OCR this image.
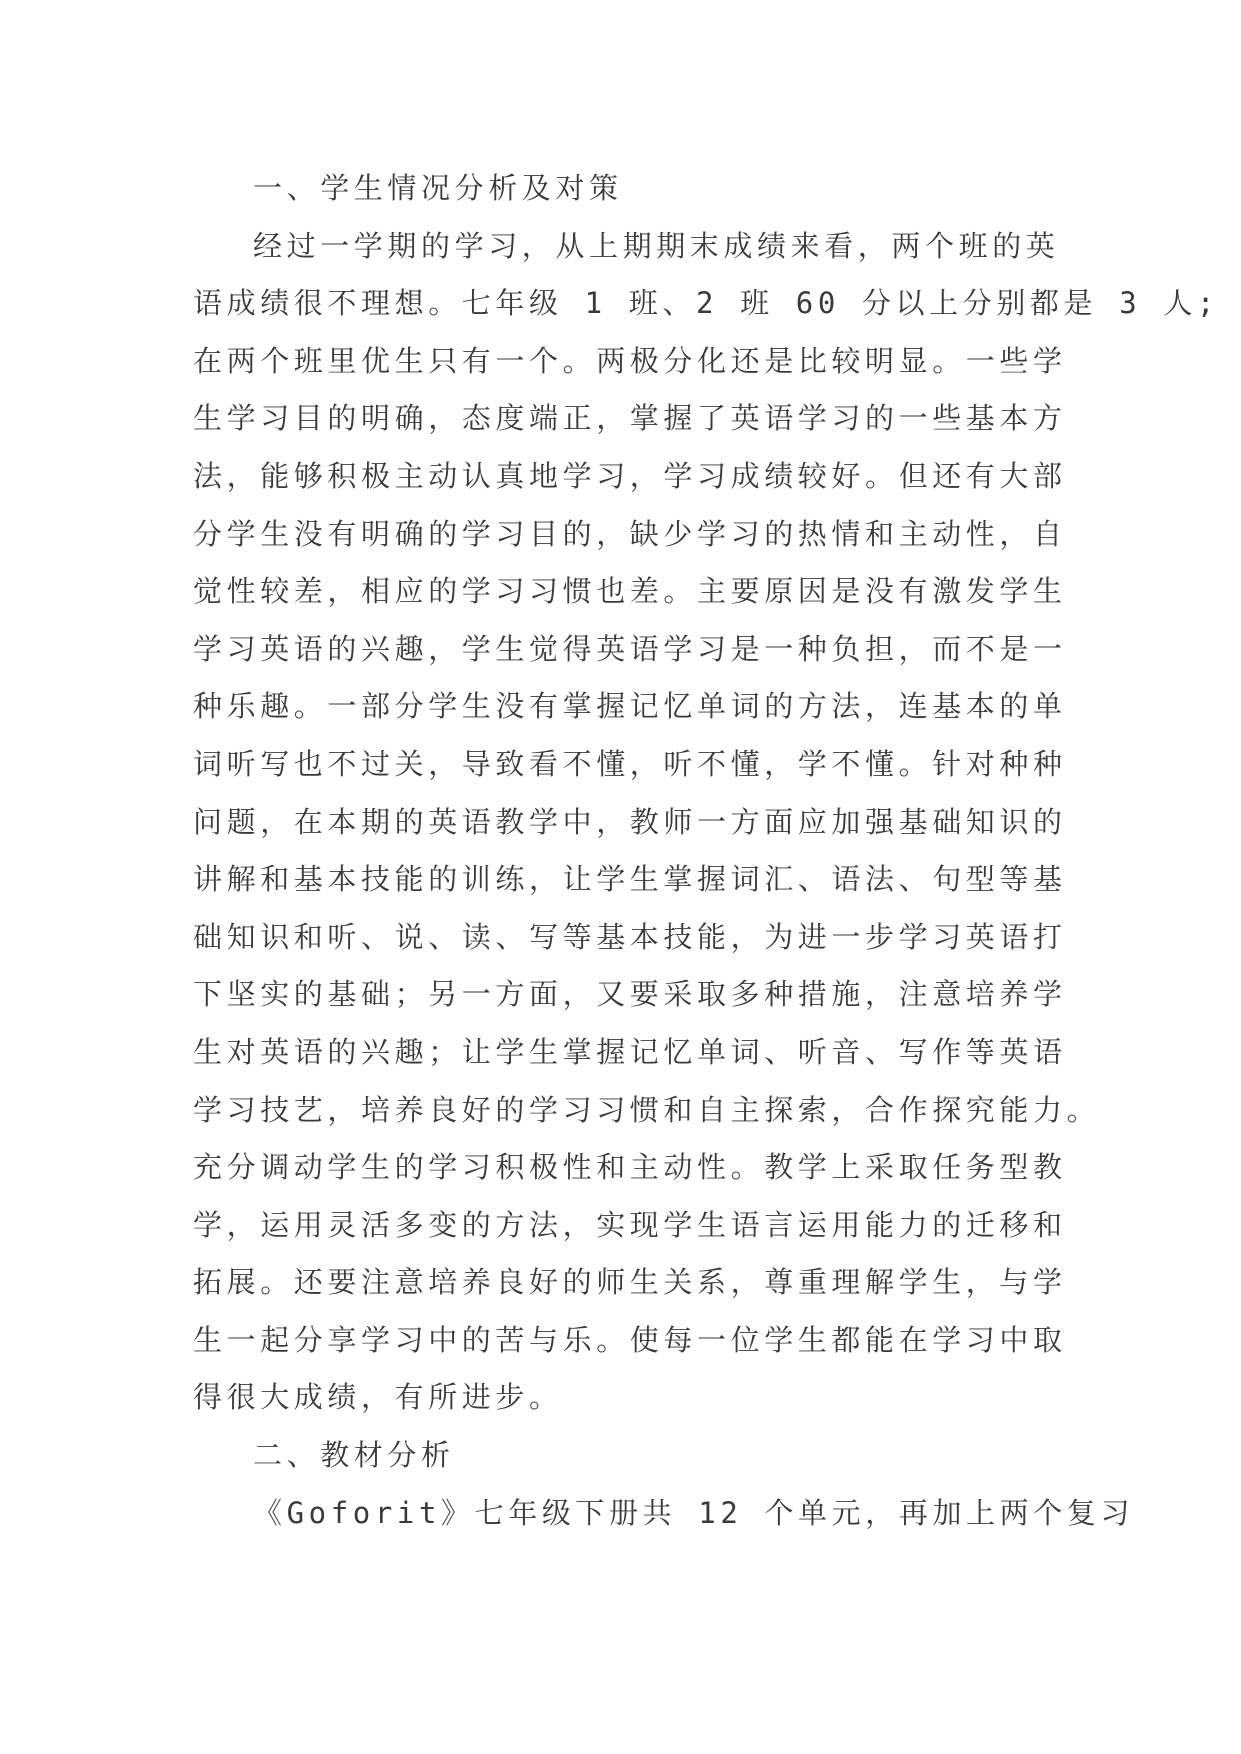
一、学生情况分析及对策
经过一学期的学习，从上期期末成绩来看，两个班的英
语成绩很不理想。七年级 1 班、2 班 60 分以上分别都是 3 人;
在两个班里优生只有一个。两极分化还是比较明显。一些学
生学习目的明确，态度端正，掌握了英语学习的一些基本方
法，能够积极主动认真地学习，学习成绩较好。但还有大部
分学生没有明确的学习目的，缺少学习的热情和主动性，自
觉性较差，相应的学习习惯也差。主要原因是没有激发学生
学习英语的兴趣，学生觉得英语学习是一种负担，而不是一
种乐趣。一部分学生没有掌握记忆单词的方法，连基本的单
词听写也不过关，导致看不懂，听不懂，学不懂。针对种种
问题，在本期的英语教学中，教师一方面应加强基础知识的
讲解和基本技能的训练，让学生掌握词汇、语法、句型等基
础知识和听、说、读、写等基本技能，为进一步学习英语打
下坚实的基础；另一方面，又要采取多种措施，注意培养学
生对英语的兴趣；让学生掌握记忆单词、听音、写作等英语
学习技艺，培养良好的学习习惯和自主探索，合作探究能力。
充分调动学生的学习积极性和主动性。教学上采取任务型教
学，运用灵活多变的方法，实现学生语言运用能力的迁移和
拓展。还要注意培养良好的师生关系，尊重理解学生，与学
生一起分享学习中的苦与乐。使每一位学生都能在学习中取
得很大成绩，有所进步。
二、教材分析
《Goforit》七年级下册共 12 个单元，再加上两个复习
